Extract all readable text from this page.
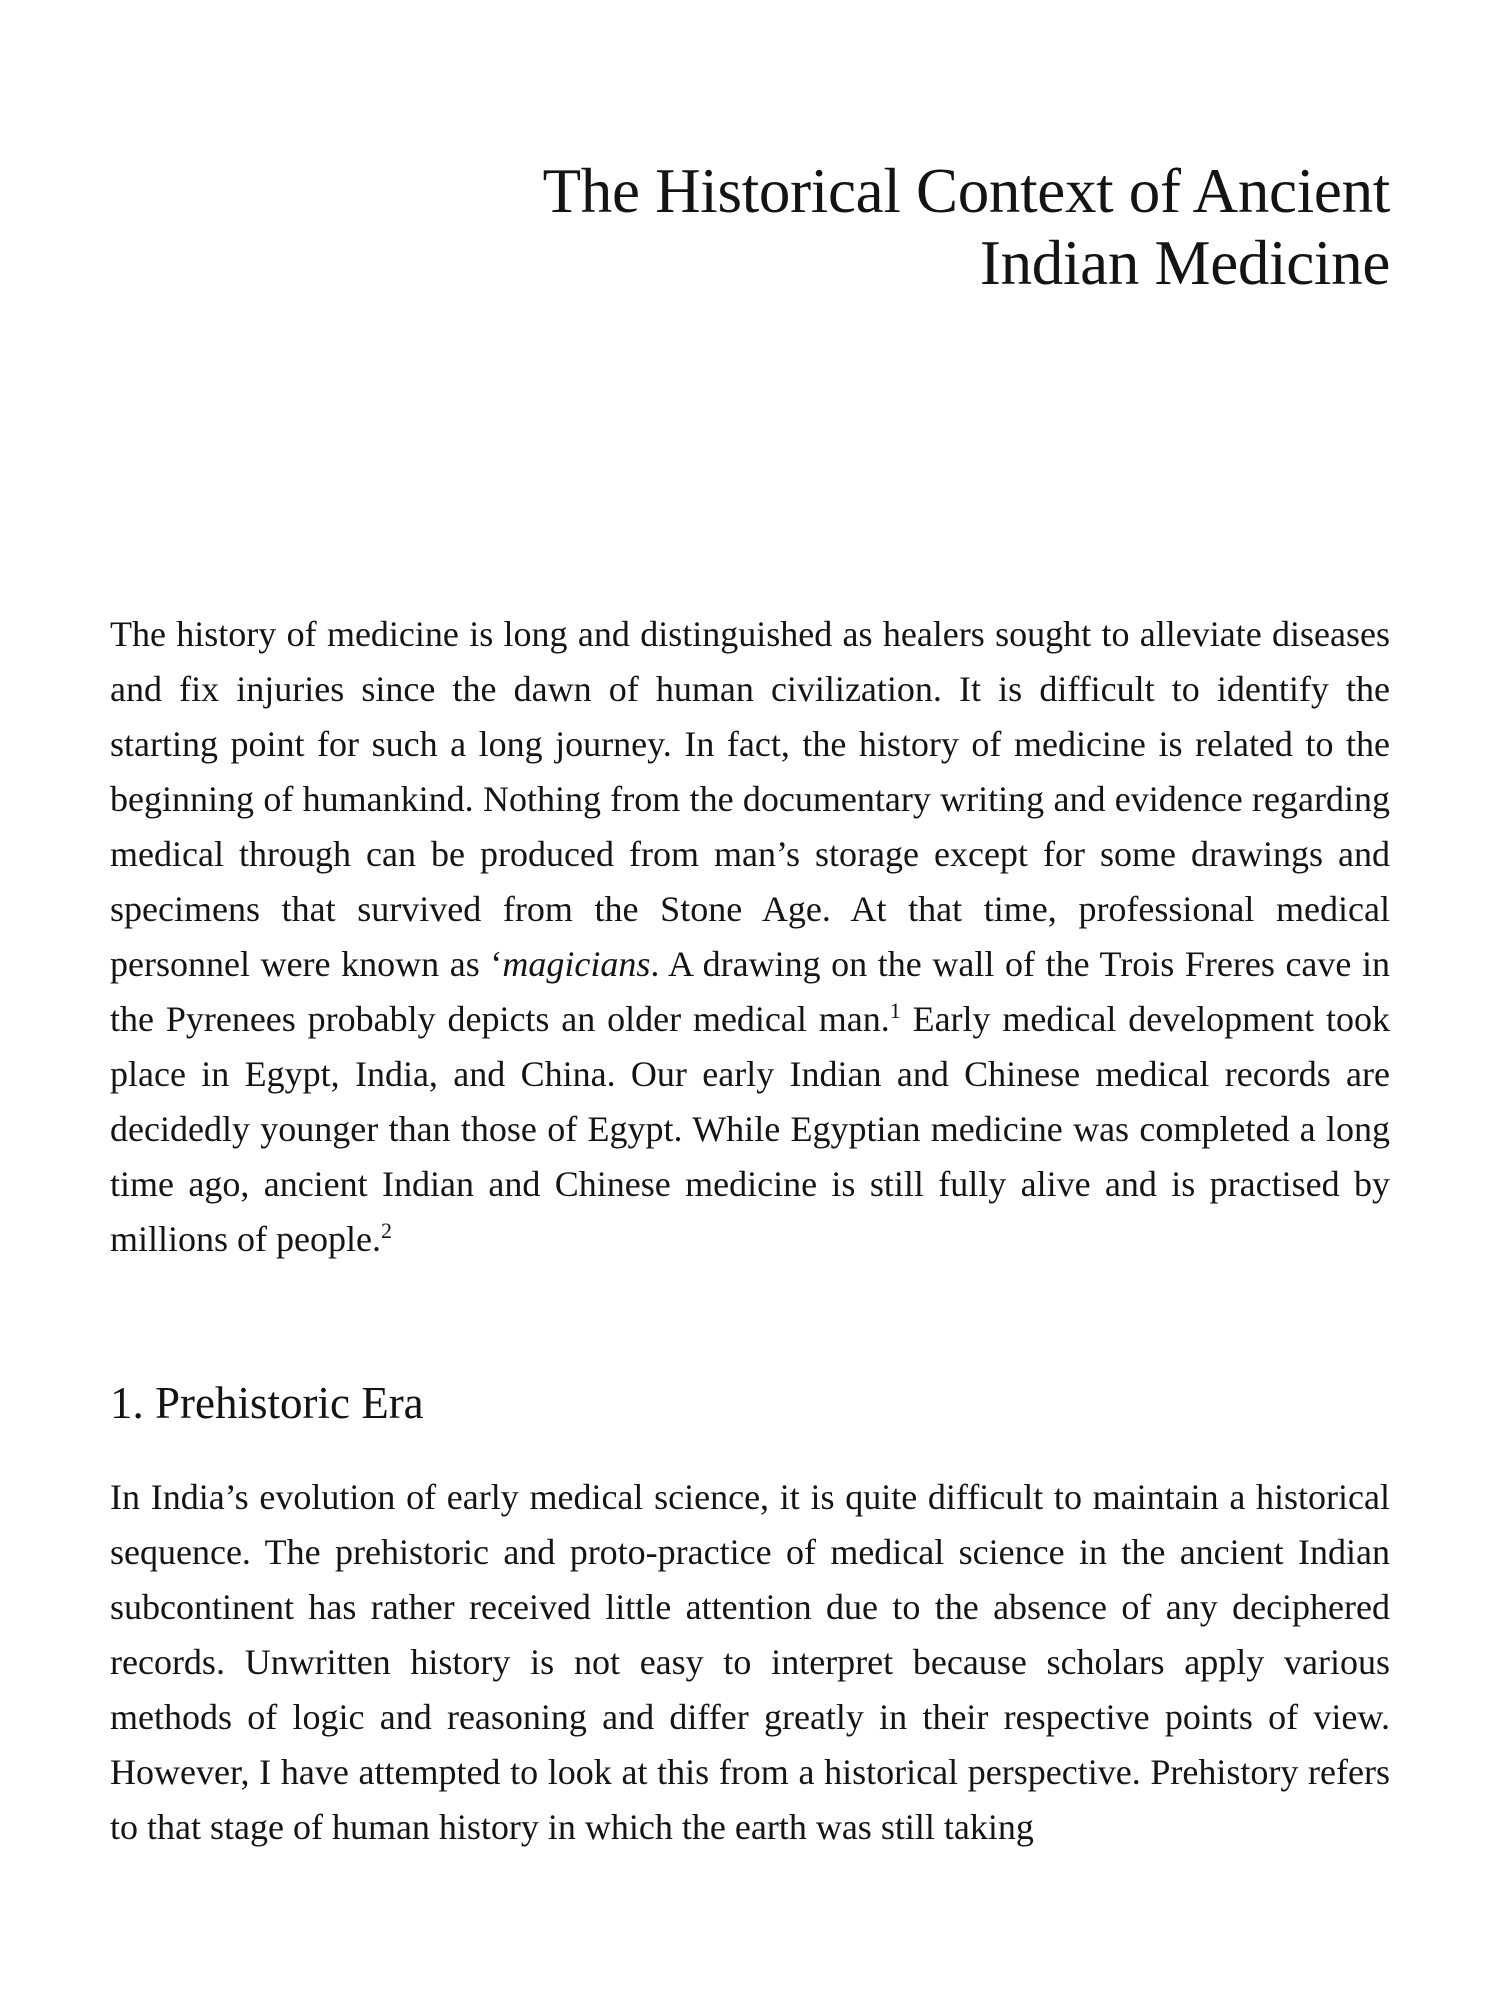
The Historical Context of Ancient
Indian Medicine

The history of medicine is long and distinguished as healers sought to alleviate diseases and fix injuries since the dawn of human civilization. It is difficult to identify the starting point for such a long journey. In fact, the history of medicine is related to the beginning of humankind. Nothing from the documentary writing and evidence regarding medical through can be produced from man’s storage except for some drawings and specimens that survived from the Stone Age. At that time, professional medical personnel were known as ‘magicians. A drawing on the wall of the Trois Freres cave in the Pyrenees probably depicts an older medical man.$^1$ Early medical development took place in Egypt, India, and China. Our early Indian and Chinese medical records are decidedly younger than those of Egypt. While Egyptian medicine was completed a long time ago, ancient Indian and Chinese medicine is still fully alive and is practised by millions of people.$^2$

1. Prehistoric Era

In India’s evolution of early medical science, it is quite difficult to maintain a historical sequence. The prehistoric and proto-practice of medical science in the ancient Indian subcontinent has rather received little attention due to the absence of any deciphered records. Unwritten history is not easy to interpret because scholars apply various methods of logic and reasoning and differ greatly in their respective points of view. However, I have attempted to look at this from a historical perspective. Prehistory refers to that stage of human history in which the earth was still taking
